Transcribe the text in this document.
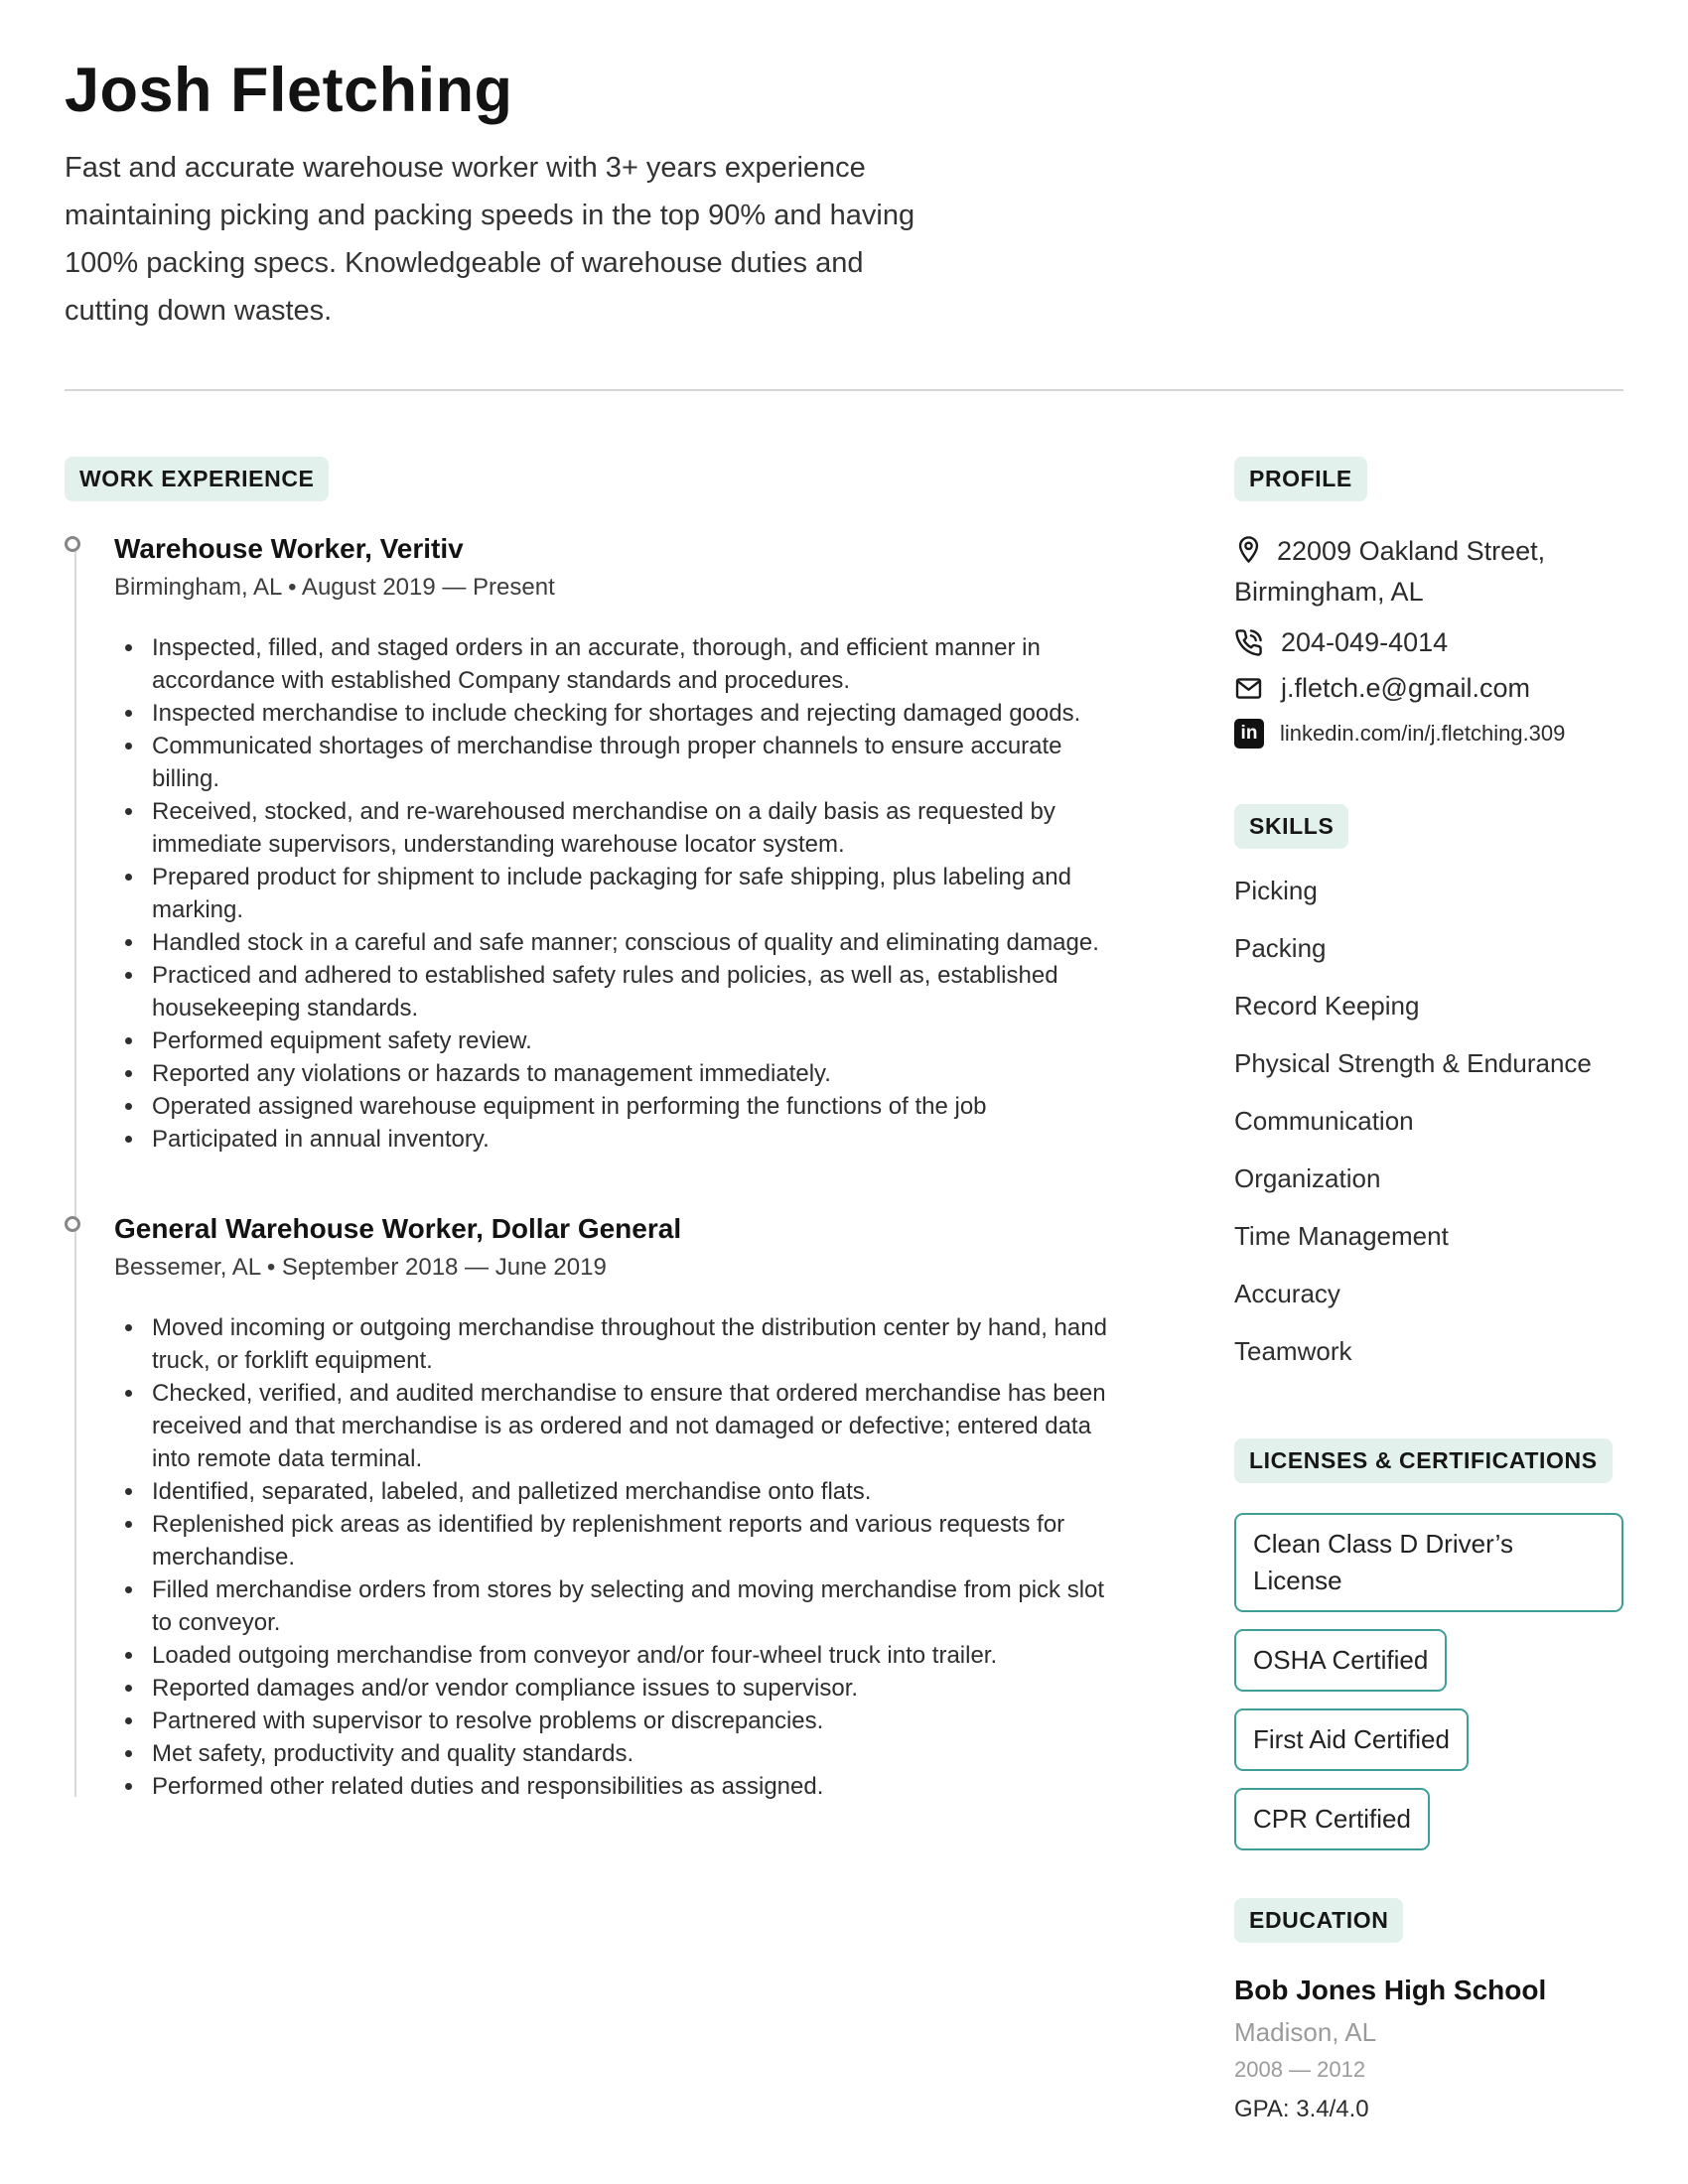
Josh Fletching

Fast and accurate warehouse worker with 3+ years experience maintaining picking and packing speeds in the top 90% and having 100% packing specs. Knowledgeable of warehouse duties and cutting down wastes.

WORK EXPERIENCE
Warehouse Worker, Veritiv
Birmingham, AL • August 2019 — Present
• Inspected, filled, and staged orders in an accurate, thorough, and efficient manner in accordance with established Company standards and procedures.
• Inspected merchandise to include checking for shortages and rejecting damaged goods.
• Communicated shortages of merchandise through proper channels to ensure accurate billing.
• Received, stocked, and re-warehoused merchandise on a daily basis as requested by immediate supervisors, understanding warehouse locator system.
• Prepared product for shipment to include packaging for safe shipping, plus labeling and marking.
• Handled stock in a careful and safe manner; conscious of quality and eliminating damage.
• Practiced and adhered to established safety rules and policies, as well as, established housekeeping standards.
• Performed equipment safety review.
• Reported any violations or hazards to management immediately.
• Operated assigned warehouse equipment in performing the functions of the job
• Participated in annual inventory.
General Warehouse Worker, Dollar General
Bessemer, AL • September 2018 — June 2019
• Moved incoming or outgoing merchandise throughout the distribution center by hand, hand truck, or forklift equipment.
• Checked, verified, and audited merchandise to ensure that ordered merchandise has been received and that merchandise is as ordered and not damaged or defective; entered data into remote data terminal.
• Identified, separated, labeled, and palletized merchandise onto flats.
• Replenished pick areas as identified by replenishment reports and various requests for merchandise.
• Filled merchandise orders from stores by selecting and moving merchandise from pick slot to conveyor.
• Loaded outgoing merchandise from conveyor and/or four-wheel truck into trailer.
• Reported damages and/or vendor compliance issues to supervisor.
• Partnered with supervisor to resolve problems or discrepancies.
• Met safety, productivity and quality standards.
• Performed other related duties and responsibilities as assigned.
PROFILE
22009 Oakland Street, Birmingham, AL
204-049-4014
j.fletch.e@gmail.com
in linkedin.com/in/j.fletching.309
SKILLS
Picking
Packing
Record Keeping
Physical Strength & Endurance
Communication
Organization
Time Management
Accuracy
Teamwork
LICENSES & CERTIFICATIONS
Clean Class D Driver’s License
OSHA Certified
First Aid Certified
CPR Certified
EDUCATION
Bob Jones High School
Madison, AL
2008 — 2012
GPA: 3.4/4.0
